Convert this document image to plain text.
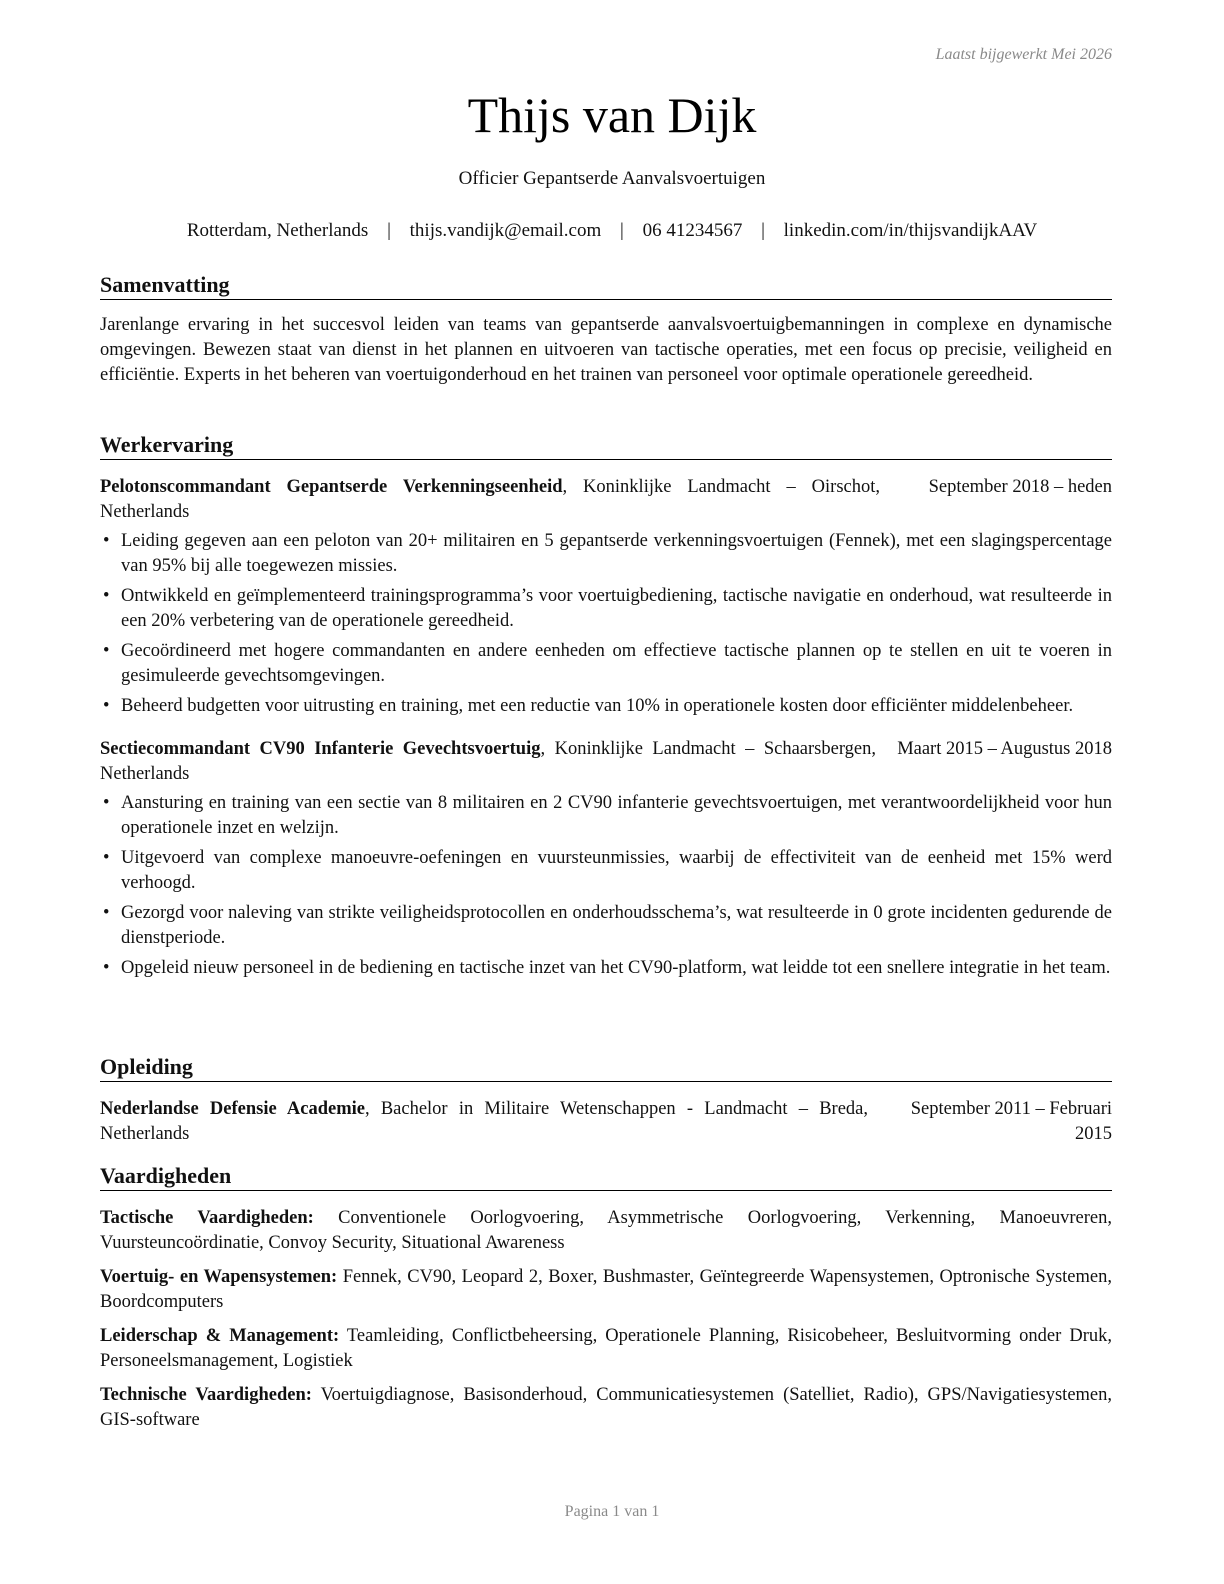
Laatst bijgewerkt Mei 2026
Thijs van Dijk
Officier Gepantserde Aanvalsvoertuigen
Rotterdam, Netherlands | thijs.vandijk@email.com | 06 41234567 | linkedin.com/in/thijsvandijkAAV
Samenvatting

Jarenlange ervaring in het succesvol leiden van teams van gepantserde aanvalsvoertuigbemanningen in complexe en dynamische omgevingen. Bewezen staat van dienst in het plannen en uitvoeren van tactische operaties, met een focus op precisie, veiligheid en efficiëntie. Experts in het beheren van voertuigonderhoud en het trainen van personeel voor optimale operationele gereedheid.

Werkervaring
Pelotonscommandant Gepantserde Verkenningseenheid, Koninklijke Landmacht – Oirschot, Netherlands
September 2018 – heden
• Leiding gegeven aan een peloton van 20+ militairen en 5 gepantserde verkenningsvoertuigen (Fennek), met een slagingspercentage van 95% bij alle toegewezen missies.
• Ontwikkeld en geïmplementeerd trainingsprogramma’s voor voertuigbediening, tactische navigatie en onderhoud, wat resulteerde in een 20% verbetering van de operationele gereedheid.
• Gecoördineerd met hogere commandanten en andere eenheden om effectieve tactische plannen op te stellen en uit te voeren in gesimuleerde gevechtsomgevingen.
• Beheerd budgetten voor uitrusting en training, met een reductie van 10% in operationele kosten door efficiënter middelenbeheer.
Sectiecommandant CV90 Infanterie Gevechtsvoertuig, Koninklijke Landmacht – Schaarsbergen, Netherlands
Maart 2015 – Augustus 2018
• Aansturing en training van een sectie van 8 militairen en 2 CV90 infanterie gevechtsvoertuigen, met verantwoordelijkheid voor hun operationele inzet en welzijn.
• Uitgevoerd van complexe manoeuvre-oefeningen en vuursteunmissies, waarbij de effectiviteit van de eenheid met 15% werd verhoogd.
• Gezorgd voor naleving van strikte veiligheidsprotocollen en onderhoudsschema’s, wat resulteerde in 0 grote incidenten gedurende de dienstperiode.
• Opgeleid nieuw personeel in de bediening en tactische inzet van het CV90-platform, wat leidde tot een snellere integratie in het team.
Opleiding
Nederlandse Defensie Academie, Bachelor in Militaire Wetenschappen - Landmacht – Breda, Netherlands
September 2011 – Februari 2015
Vaardigheden

Tactische Vaardigheden: Conventionele Oorlogvoering, Asymmetrische Oorlogvoering, Verkenning, Manoeuvreren, Vuursteuncoördinatie, Convoy Security, Situational Awareness

Voertuig- en Wapensystemen: Fennek, CV90, Leopard 2, Boxer, Bushmaster, Geïntegreerde Wapensystemen, Optronische Systemen, Boordcomputers

Leiderschap & Management: Teamleiding, Conflictbeheersing, Operationele Planning, Risicobeheer, Besluitvorming onder Druk, Personeelsmanagement, Logistiek

Technische Vaardigheden: Voertuigdiagnose, Basisonderhoud, Communicatiesystemen (Satelliet, Radio), GPS/Navigatiesystemen, GIS-software

Pagina 1 van 1
